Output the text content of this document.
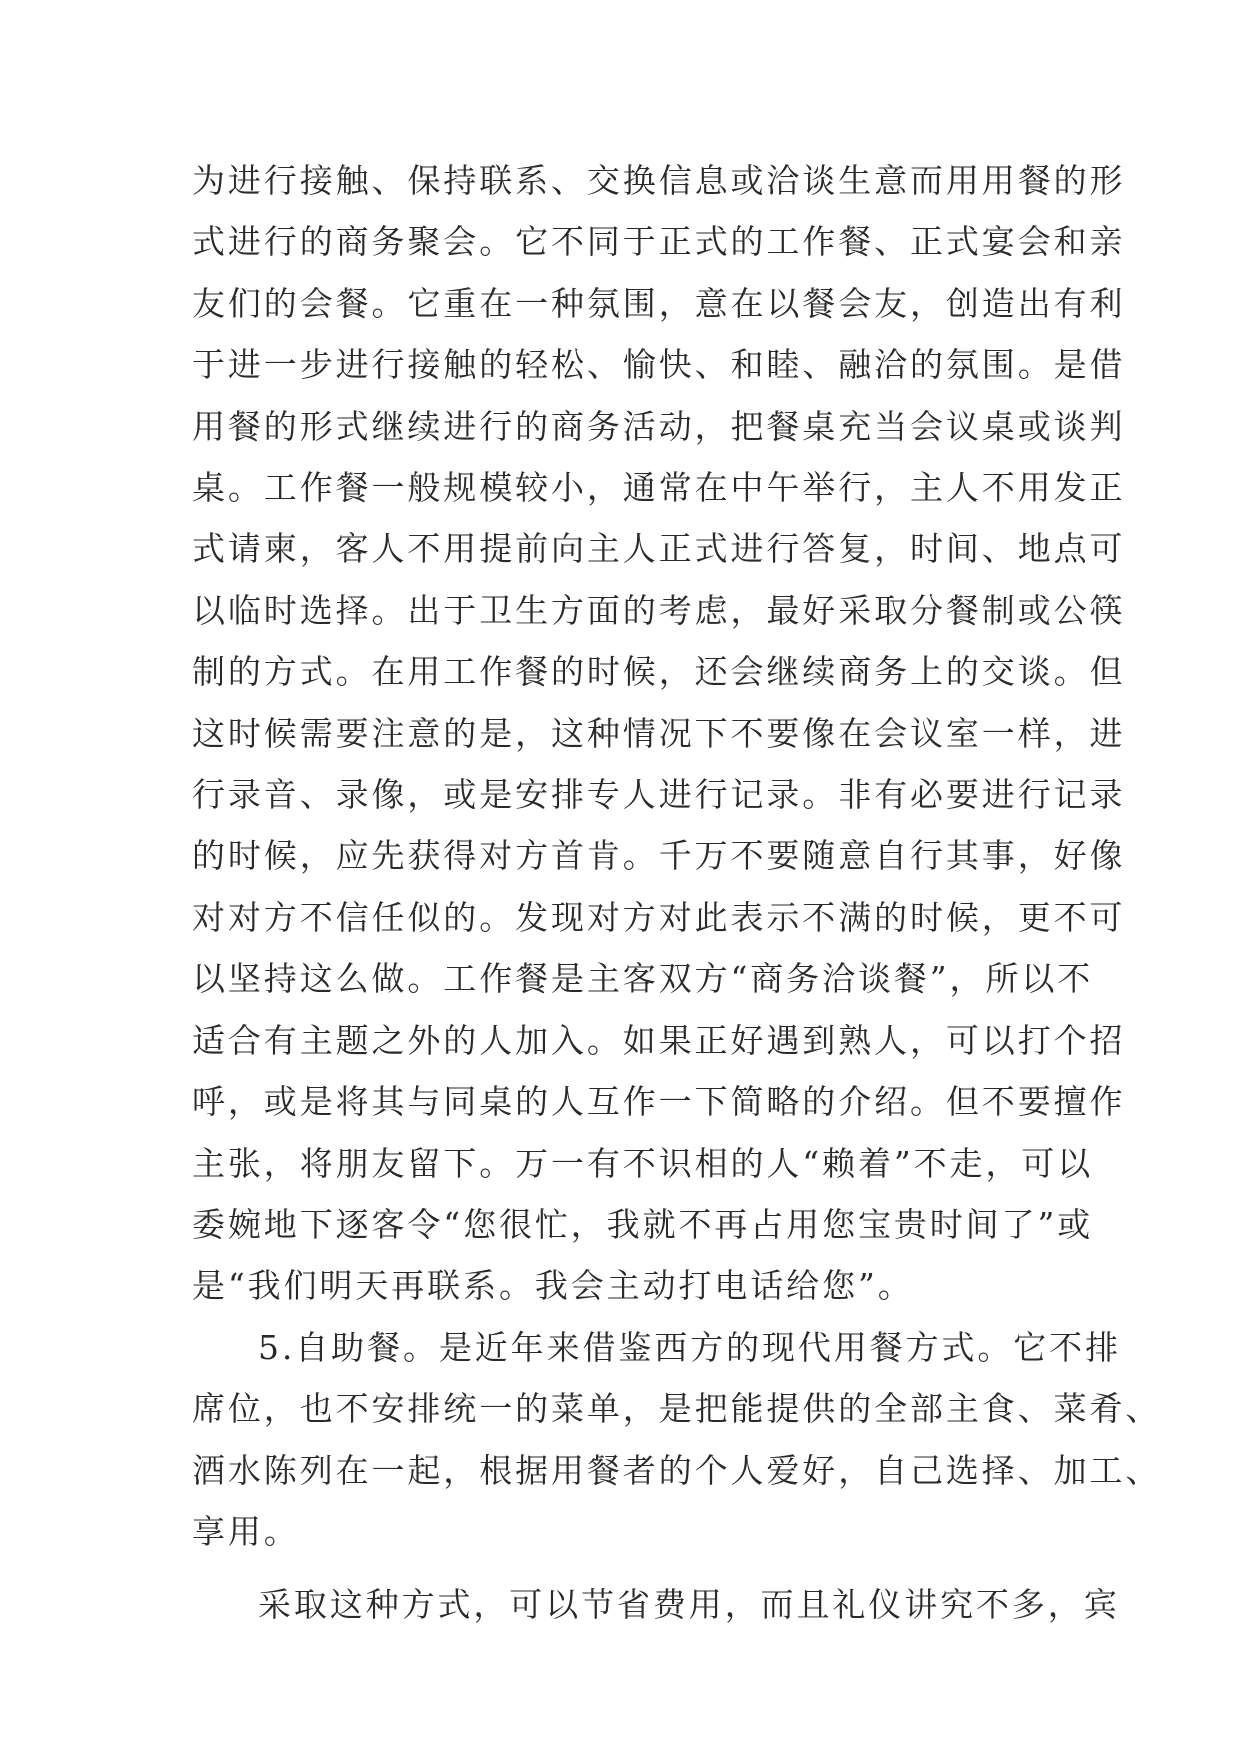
为进行接触、保持联系、交换信息或洽谈生意而用用餐的形
式进行的商务聚会。它不同于正式的工作餐、正式宴会和亲
友们的会餐。它重在一种氛围，意在以餐会友，创造出有利
于进一步进行接触的轻松、愉快、和睦、融洽的氛围。是借
用餐的形式继续进行的商务活动，把餐桌充当会议桌或谈判
桌。工作餐一般规模较小，通常在中午举行，主人不用发正
式请柬，客人不用提前向主人正式进行答复，时间、地点可
以临时选择。出于卫生方面的考虑，最好采取分餐制或公筷
制的方式。在用工作餐的时候，还会继续商务上的交谈。但
这时候需要注意的是，这种情况下不要像在会议室一样，进
行录音、录像，或是安排专人进行记录。非有必要进行记录
的时候，应先获得对方首肯。千万不要随意自行其事，好像
对对方不信任似的。发现对方对此表示不满的时候，更不可
以坚持这么做。工作餐是主客双方“商务洽谈餐”，所以不
适合有主题之外的人加入。如果正好遇到熟人，可以打个招
呼，或是将其与同桌的人互作一下简略的介绍。但不要擅作
主张，将朋友留下。万一有不识相的人“赖着”不走，可以
委婉地下逐客令“您很忙，我就不再占用您宝贵时间了”或
是“我们明天再联系。我会主动打电话给您”。

5.自助餐。是近年来借鉴西方的现代用餐方式。它不排
席位，也不安排统一的菜单，是把能提供的全部主食、菜肴、
酒水陈列在一起，根据用餐者的个人爱好，自己选择、加工、
享用。

采取这种方式，可以节省费用，而且礼仪讲究不多，宾
